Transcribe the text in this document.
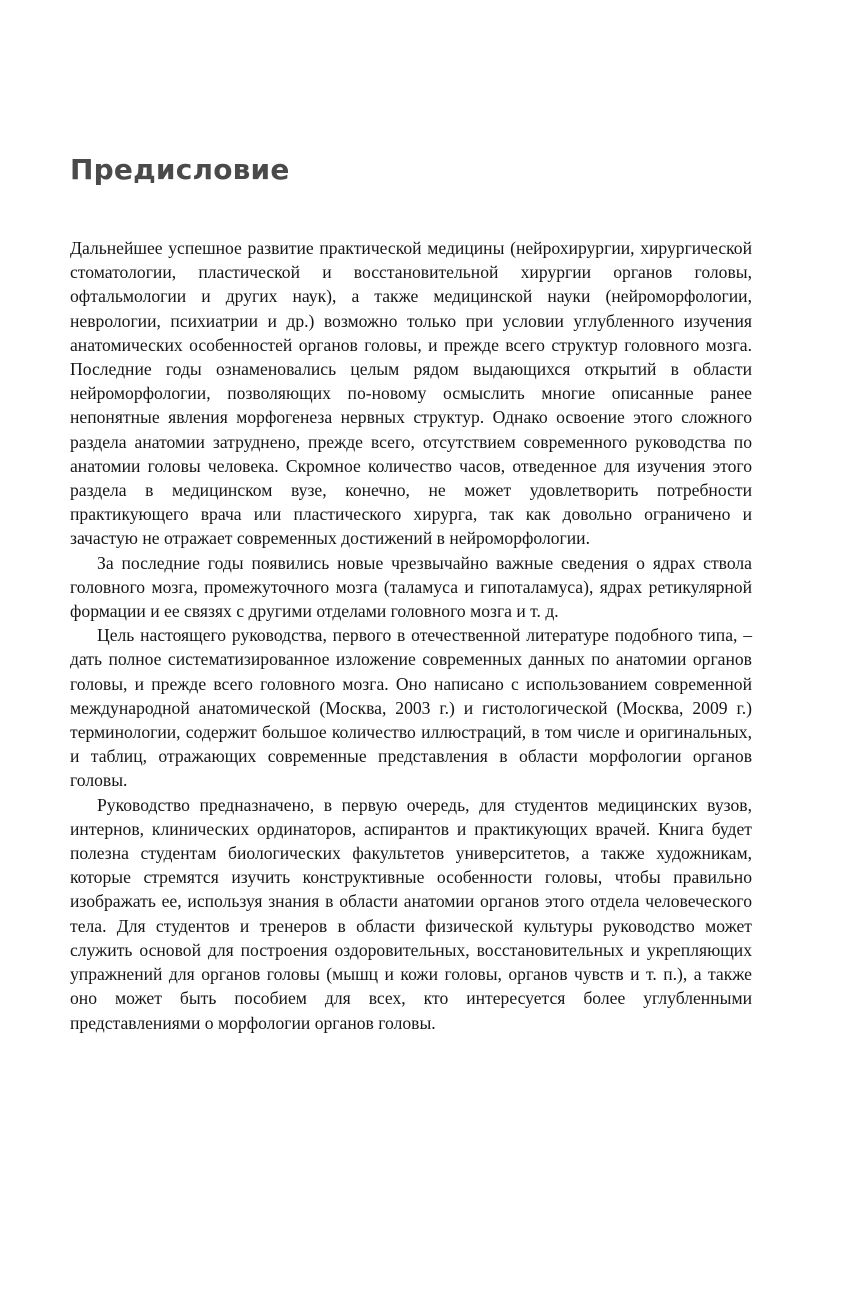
Предисловие

Дальнейшее успешное развитие практической медицины (нейрохирургии, хирургической стоматологии, пластической и восстановительной хирургии органов головы, офтальмологии и других наук), а также медицинской науки (нейроморфологии, неврологии, психиатрии и др.) возможно только при условии углубленного изучения анатомических особенностей органов головы, и прежде всего структур головного мозга. Последние годы ознаменовались целым рядом выдающихся открытий в области нейроморфологии, позволяющих по-новому осмыслить многие описанные ранее непонятные явления морфогенеза нервных структур. Однако освоение этого сложного раздела анатомии затруднено, прежде всего, отсутствием современного руководства по анатомии головы человека. Скромное количество часов, отведенное для изучения этого раздела в медицинском вузе, конечно, не может удовлетворить потребности практикующего врача или пластического хирурга, так как довольно ограничено и зачастую не отражает современных достижений в нейроморфологии.

За последние годы появились новые чрезвычайно важные сведения о ядрах ствола головного мозга, промежуточного мозга (таламуса и гипоталамуса), ядрах ретикулярной формации и ее связях с другими отделами головного мозга и т. д.

Цель настоящего руководства, первого в отечественной литературе подобного типа, – дать полное систематизированное изложение современных данных по анатомии органов головы, и прежде всего головного мозга. Оно написано с использованием современной международной анатомической (Москва, 2003 г.) и гистологической (Москва, 2009 г.) терминологии, содержит большое количество иллюстраций, в том числе и оригинальных, и таблиц, отражающих современные представления в области морфологии органов головы.

Руководство предназначено, в первую очередь, для студентов медицинских вузов, интернов, клинических ординаторов, аспирантов и практикующих врачей. Книга будет полезна студентам биологических факультетов университетов, а также художникам, которые стремятся изучить конструктивные особенности головы, чтобы правильно изображать ее, используя знания в области анатомии органов этого отдела человеческого тела. Для студентов и тренеров в области физической культуры руководство может служить основой для построения оздоровительных, восстановительных и укрепляющих упражнений для органов головы (мышц и кожи головы, органов чувств и т. п.), а также оно может быть пособием для всех, кто интересуется более углубленными представлениями о морфологии органов головы.
